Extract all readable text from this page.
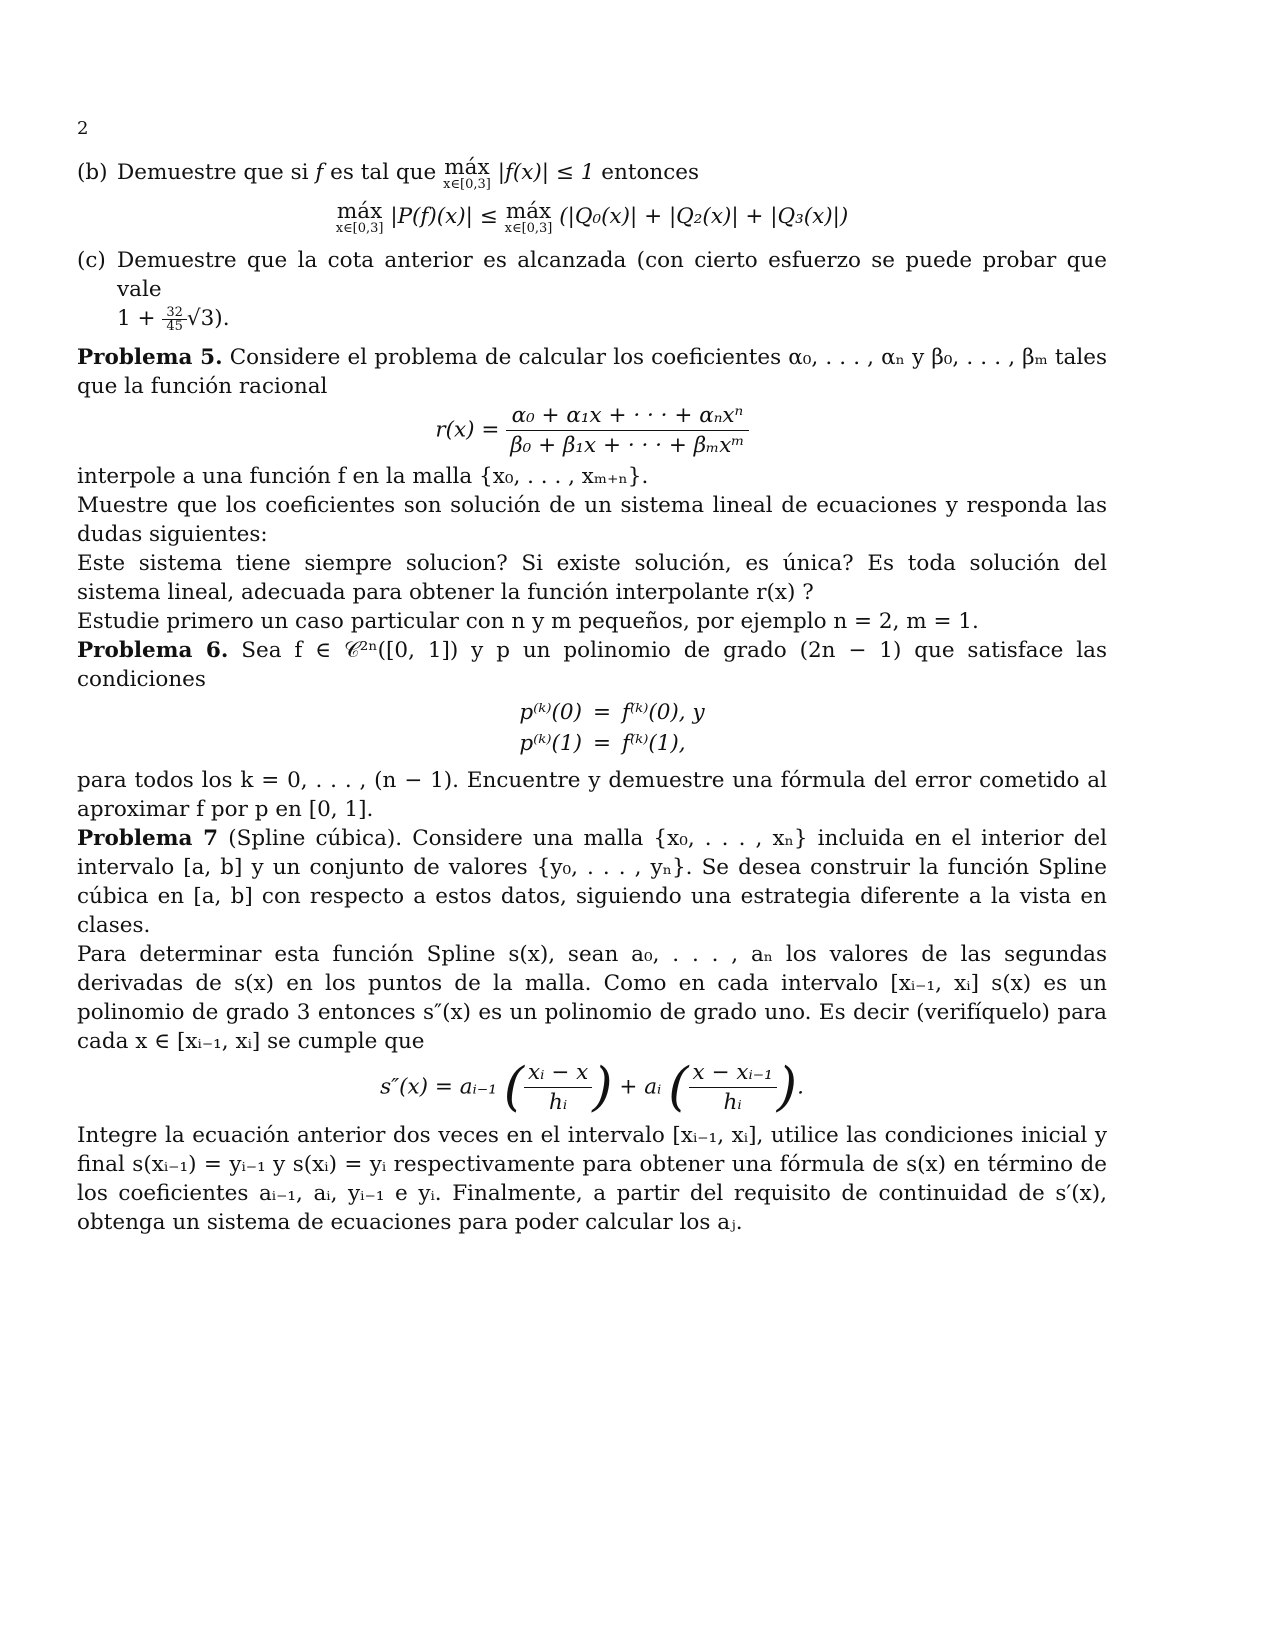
2
(b) Demuestre que si f es tal que máx
x∈[0,3] |f(x)| ≤ 1 entonces

máx
x∈[0,3] |P(f)(x)| ≤ máx
x∈[0,3] (|Q₀(x)| + |Q₂(x)| + |Q₃(x)|)
(c) Demuestre que la cota anterior es alcanzada (con cierto esfuerzo se puede probar que vale
$1 + \frac{32}{45} √3$).

Problema 5. Considere el problema de calcular los coeficientes α₀, . . . , αₙ y β₀, . . . , βₘ tales que la función racional

$r(x) = \frac{\text{α₀ + α₁x + · · · + αₙxⁿ}}{\text{β₀ + β₁x + · · · + βₘxᵐ}}$

interpole a una función f en la malla {x₀, . . . , xₘ₊ₙ}.

Muestre que los coeficientes son solución de un sistema lineal de ecuaciones y responda las dudas siguientes:

Este sistema tiene siempre solucion? Si existe solución, es única? Es toda solución del sistema lineal, adecuada para obtener la función interpolante r(x) ?

Estudie primero un caso particular con n y m pequeños, por ejemplo n = 2, m = 1.

Problema 6. Sea f ∈ 𝒞²ⁿ([0, 1]) y p un polinomio de grado (2n − 1) que satisface las condiciones

p⁽ᵏ⁾(0) = f⁽ᵏ⁾(0), y
p⁽ᵏ⁾(1) = f⁽ᵏ⁾(1),

para todos los k = 0, . . . , (n − 1). Encuentre y demuestre una fórmula del error cometido al aproximar f por p en [0, 1].

Problema 7 (Spline cúbica). Considere una malla {x₀, . . . , xₙ} incluida en el interior del intervalo [a, b] y un conjunto de valores {y₀, . . . , yₙ}. Se desea construir la función Spline cúbica en [a, b] con respecto a estos datos, siguiendo una estrategia diferente a la vista en clases.

Para determinar esta función Spline s(x), sean a₀, . . . , aₙ los valores de las segundas derivadas de s(x) en los puntos de la malla. Como en cada intervalo [xᵢ₋₁, xᵢ] s(x) es un polinomio de grado 3 entonces s″(x) es un polinomio de grado uno. Es decir (verifíquelo) para cada x ∈ [xᵢ₋₁, xᵢ] se cumple que

s″(x) = aᵢ₋₁ ( $\frac{\text{xᵢ − x}}{\text{hᵢ}}$ ) + aᵢ ( $\frac{\text{x − xᵢ₋₁}}{\text{hᵢ}}$ ).

Integre la ecuación anterior dos veces en el intervalo [xᵢ₋₁, xᵢ], utilice las condiciones inicial y final s(xᵢ₋₁) = yᵢ₋₁ y s(xᵢ) = yᵢ respectivamente para obtener una fórmula de s(x) en término de los coeficientes aᵢ₋₁, aᵢ, yᵢ₋₁ e yᵢ. Finalmente, a partir del requisito de continuidad de s′(x), obtenga un sistema de ecuaciones para poder calcular los aⱼ.
